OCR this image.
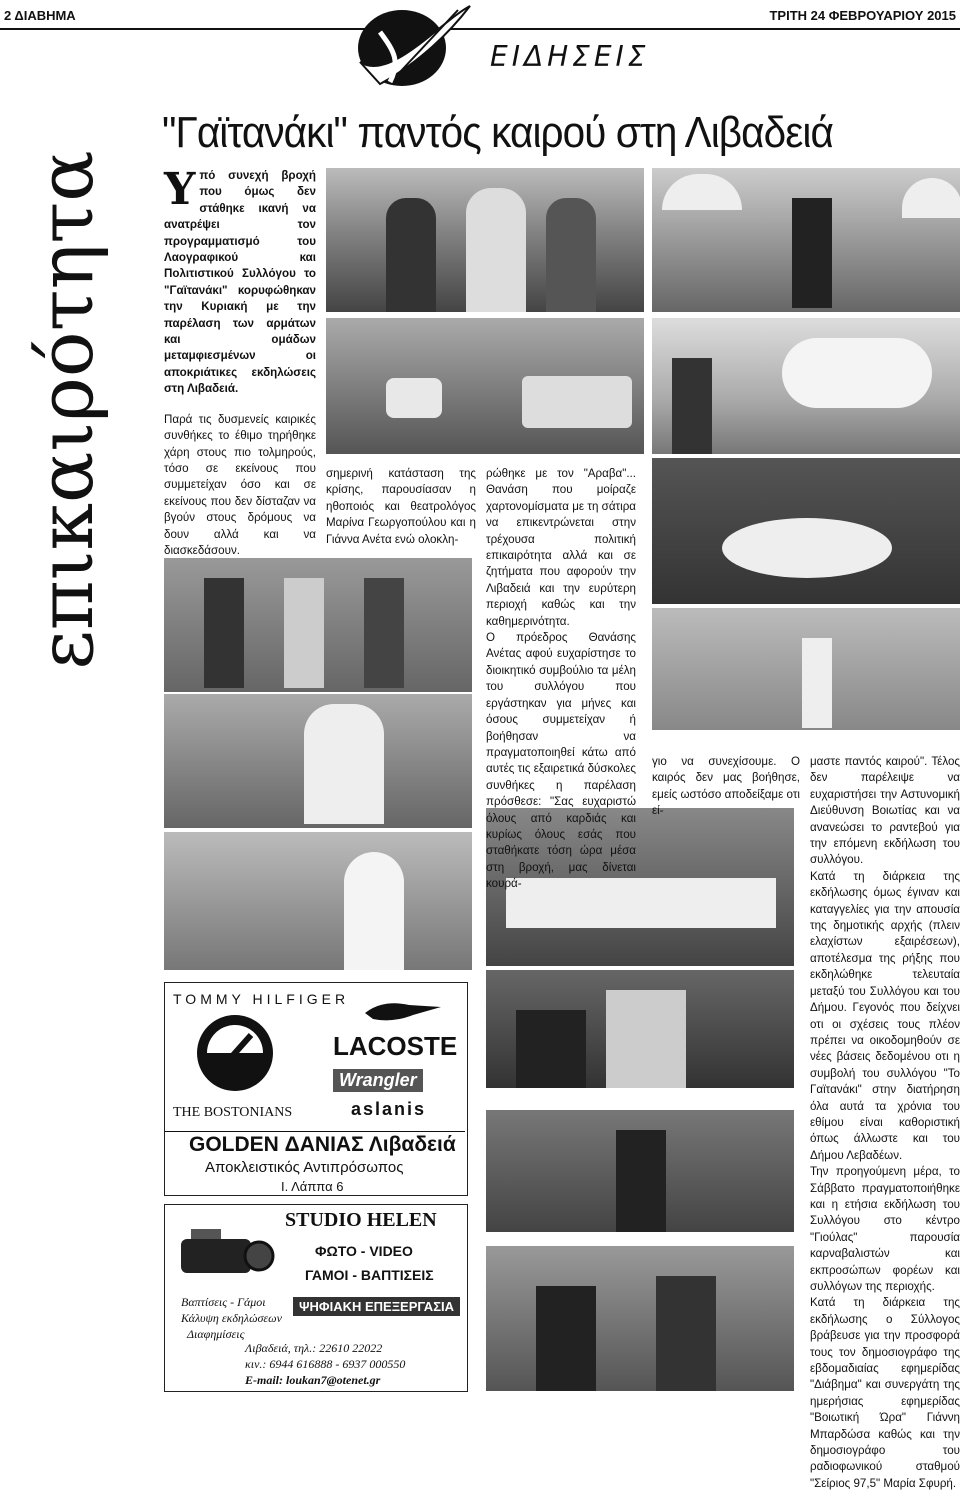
2 ΔΙΑΒΗΜΑ	ΤΡΙΤΗ 24 ΦΕΒΡΟΥΑΡΙΟΥ 2015
ΕΙΔΗΣΕΙΣ
επικαιρότητα
"Γαϊτανάκι" παντός καιρού στη Λιβαδειά

Υπό συνεχή βροχή που όμως δεν στάθηκε ικανή να ανατρέψει τον προγραμματισμό του Λαογραφικού και Πολιτιστικού Συλλόγου το "Γαϊτανάκι" κορυφώθηκαν την Κυριακή με την παρέλαση των αρμάτων και ομάδων μεταμφιεσμένων οι αποκριάτικες εκδηλώσεις στη Λιβαδειά.

Παρά τις δυσμενείς καιρικές συνθήκες το έθιμο τηρήθηκε χάρη στους πιο τολμηρούς, τόσο σε εκείνους που συμμετείχαν όσο και σε εκείνους που δεν δίσταζαν να βγούν στους δρόμους να δουν αλλά και να διασκεδάσουν.

σημερινή κατάσταση της κρίσης, παρουσίασαν η ηθοποιός και θεατρολόγος Μαρίνα Γεωργοπούλου και η Γιάννα Ανέτα ενώ ολοκλη-

ρώθηκε με τον "Αραβα"... Θανάση που μοίραζε χαρτονομίσματα με τη σάτιρα να επικεντρώνεται στην τρέχουσα πολιτική επικαιρότητα αλλά και σε ζητήματα που αφορούν την Λιβαδειά και την ευρύτερη περιοχή καθώς και την καθημερινότητα.

Ο πρόεδρος Θανάσης Ανέτας αφού ευχαρίστησε το διοικητικό συμβούλιο τα μέλη του συλλόγου που εργάστηκαν για μήνες και όσους συμμετείχαν ή βοήθησαν να πραγματοποιηθεί κάτω από αυτές τις εξαιρετικά δύσκολες συνθήκες η παρέλαση πρόσθεσε: "Σας ευχαριστώ όλους από καρδιάς και κυρίως όλους εσάς που σταθήκατε τόση ώρα μέσα στη βροχή, μας δίνεται κουρά-

γιο να συνεχίσουμε. Ο καιρός δεν μας βοήθησε, εμείς ωστόσο αποδείξαμε οτι εί-

μαστε παντός καιρού". Τέλος δεν παρέλειψε να ευχαριστήσει την Αστυνομική Διεύθυνση Βοιωτίας και να ανανεώσει το ραντεβού για την επόμενη εκδήλωση του συλλόγου.

Κατά τη διάρκεια της εκδήλωσης όμως έγιναν και καταγγελίες για την απουσία της δημοτικής αρχής (πλειν ελαχίστων εξαιρέσεων), αποτέλεσμα της ρήξης που εκδηλώθηκε τελευταία μεταξύ του Συλλόγου και του Δήμου. Γεγονός που δείχνει οτι οι σχέσεις τους πλέον πρέπει να οικοδομηθούν σε νέες βάσεις δεδομένου οτι η συμβολή του συλλόγου "Το Γαϊτανάκι" στην διατήρηση όλα αυτά τα χρόνια του εθίμου είναι καθοριστική όπως άλλωστε και του Δήμου Λεβαδέων.

Την προηγούμενη μέρα, το Σάββατο πραγματοποιήθηκε και η ετήσια εκδήλωση του Συλλόγου στο κέντρο "Γιούλας" παρουσία καρναβαλιστών και εκπροσώπων φορέων και συλλόγων της περιοχής.

Κατά τη διάρκεια της εκδήλωσης ο Σύλλογος βράβευσε για την προσφορά τους τον δημοσιογράφο της εβδομαδιαίας εφημερίδας "Διάβημα" και συνεργάτη της ημερήσιας εφημερίδας "Βοιωτική Ώρα" Γιάννη Μπαρδώσα καθώς και την δημοσιογράφο του ραδιοφωνικού σταθμού "Σείριος 97,5" Μαρία Σφυρή.

TOMMY HILFIGER
LACOSTE
Wrangler
THE BOSTONIANS	aslanis
GOLDEN ΔΑΝΙΑΣ Λιβαδειά
Αποκλειστικός Αντιπρόσωπος
Ι. Λάππα 6
STUDIO HELEN
ΦΩΤΟ - VIDEO
ΓΑΜΟΙ - ΒΑΠΤΙΣΕΙΣ
ΨΗΦΙΑΚΗ ΕΠΕΞΕΡΓΑΣΙΑ
Βαπτίσεις - Γάμοι
Κάλυψη εκδηλώσεων
Διαφημίσεις
Λιβαδειά, τηλ.: 22610 22022
κιν.: 6944 616888 - 6937 000550
E-mail: loukan7@otenet.gr
